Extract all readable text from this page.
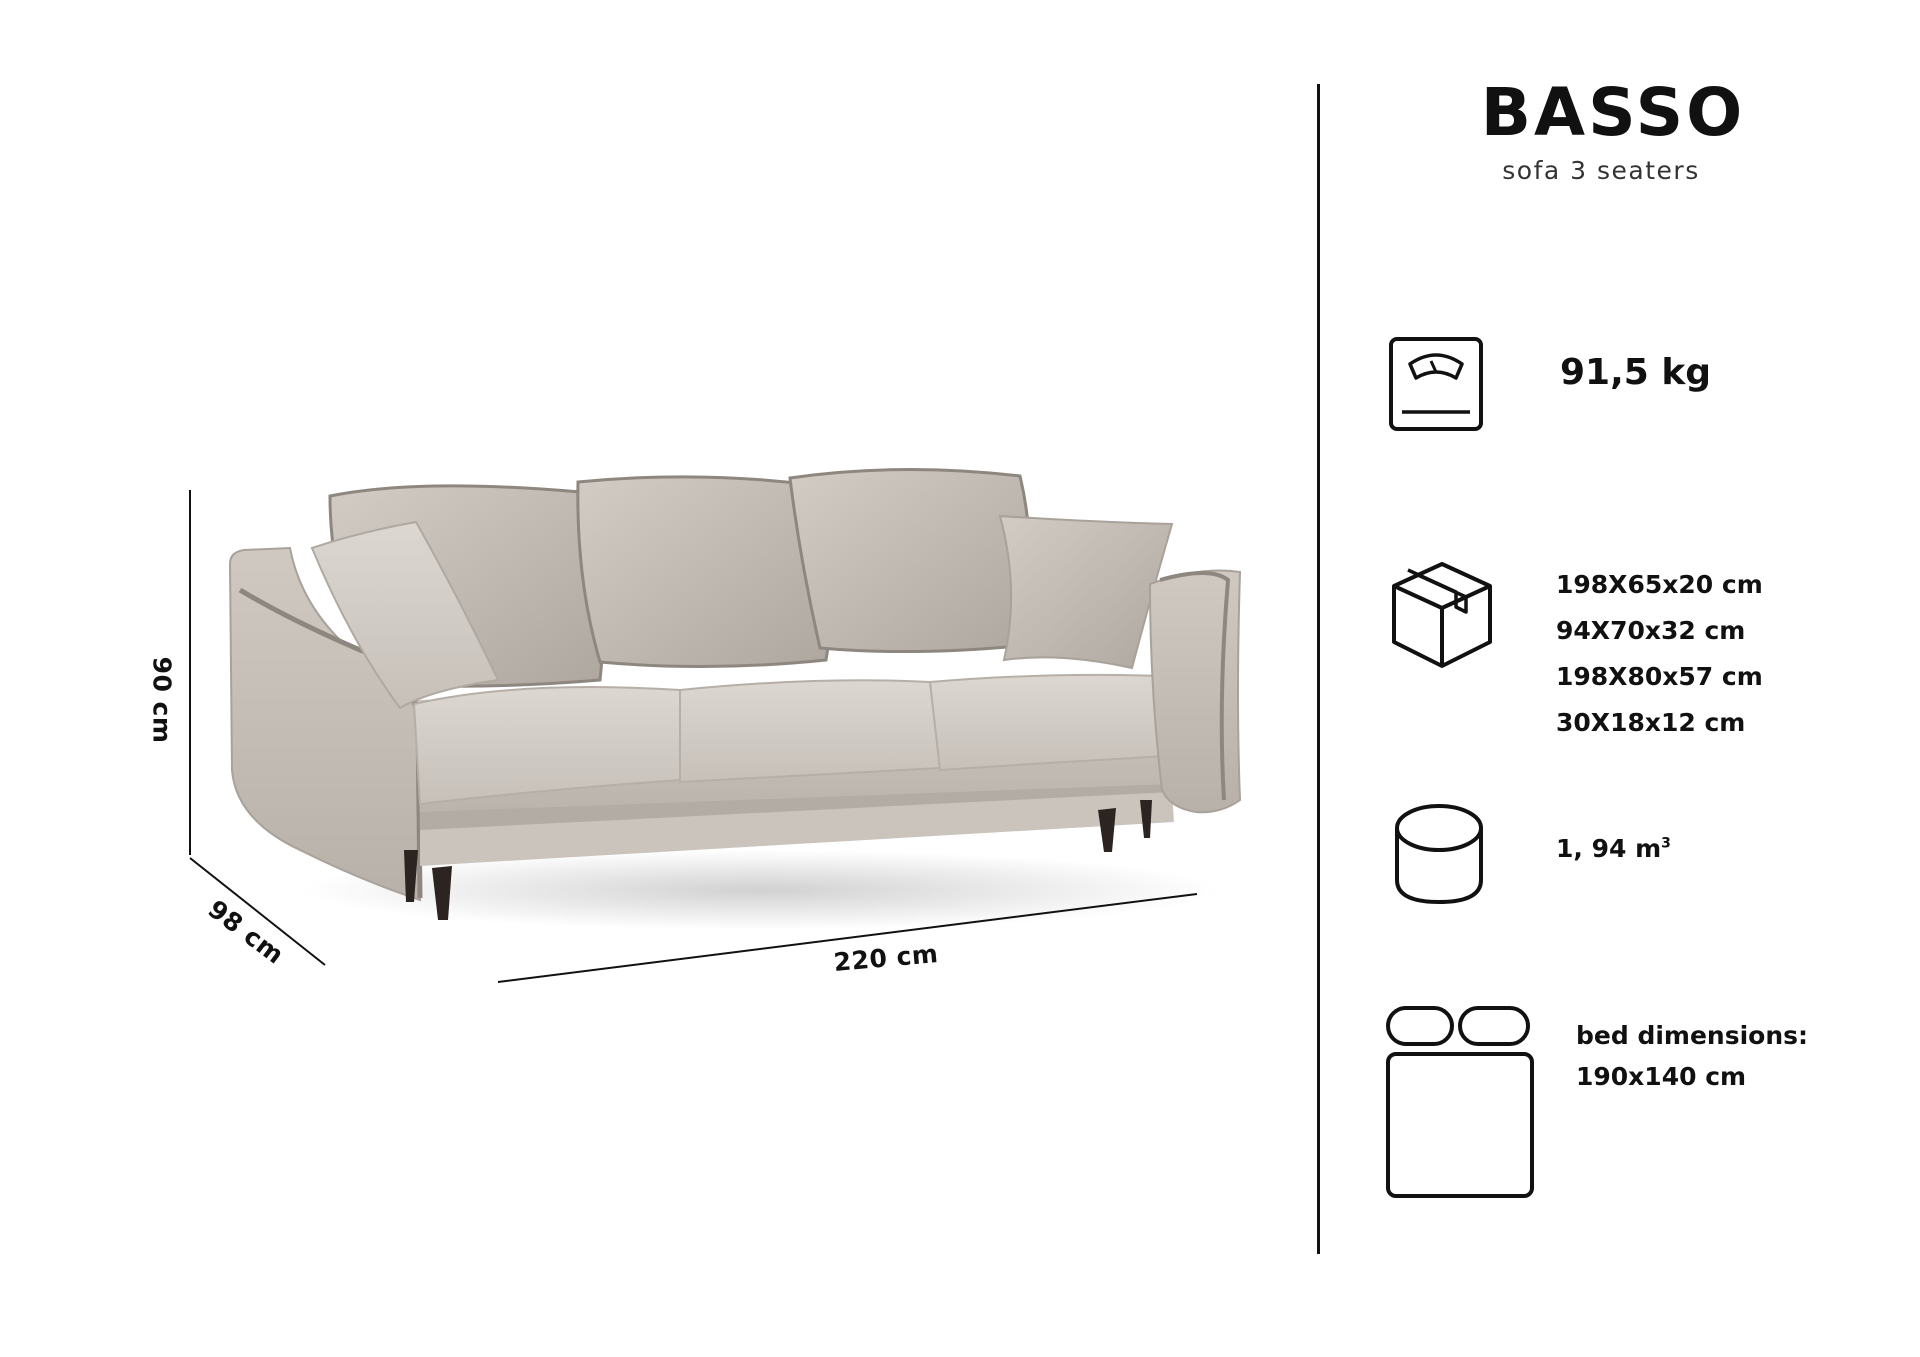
90 cm
98 cm	220 cm
BASSO
sofa 3 seaters
91,5 kg
198X65x20 cm
94X70x32 cm
198X80x57 cm
30X18x12 cm
1, 94 $m^3$
bed dimensions:
190x140 cm
